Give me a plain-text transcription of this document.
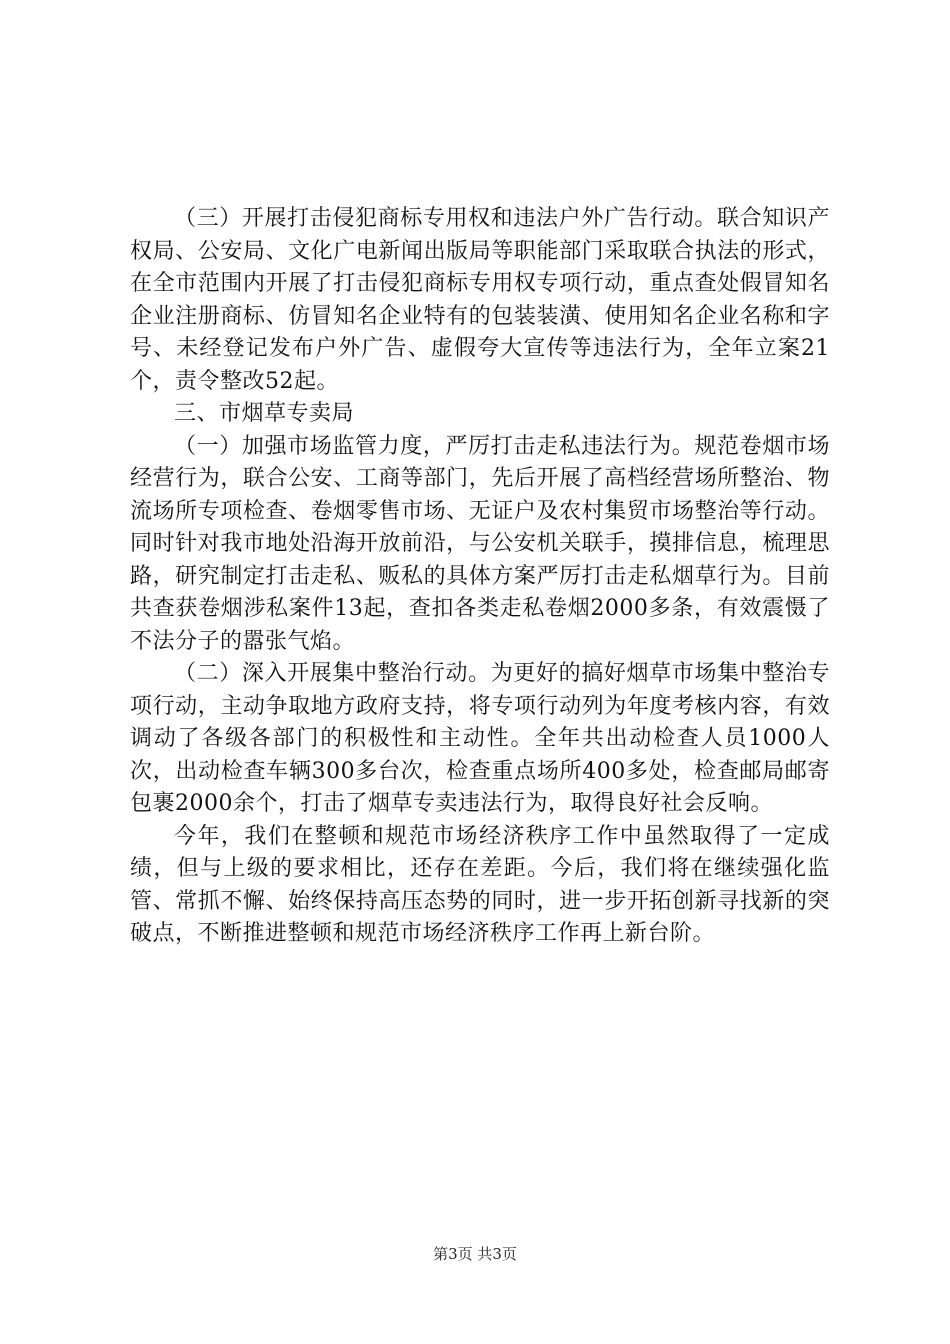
（三）开展打击侵犯商标专用权和违法户外广告行动。联合知识产权局、公安局、文化广电新闻出版局等职能部门采取联合执法的形式，在全市范围内开展了打击侵犯商标专用权专项行动，重点查处假冒知名企业注册商标、仿冒知名企业特有的包装装潢、使用知名企业名称和字号、未经登记发布户外广告、虚假夸大宣传等违法行为，全年立案21个，责令整改52起。

三、市烟草专卖局

（一）加强市场监管力度，严厉打击走私违法行为。规范卷烟市场经营行为，联合公安、工商等部门，先后开展了高档经营场所整治、物流场所专项检查、卷烟零售市场、无证户及农村集贸市场整治等行动。同时针对我市地处沿海开放前沿，与公安机关联手，摸排信息，梳理思路，研究制定打击走私、贩私的具体方案严厉打击走私烟草行为。目前共查获卷烟涉私案件13起，查扣各类走私卷烟2000多条，有效震慑了不法分子的嚣张气焰。

（二）深入开展集中整治行动。为更好的搞好烟草市场集中整治专项行动，主动争取地方政府支持，将专项行动列为年度考核内容，有效调动了各级各部门的积极性和主动性。全年共出动检查人员1000人次，出动检查车辆300多台次，检查重点场所400多处，检查邮局邮寄包裹2000余个，打击了烟草专卖违法行为，取得良好社会反响。

今年，我们在整顿和规范市场经济秩序工作中虽然取得了一定成绩，但与上级的要求相比，还存在差距。今后，我们将在继续强化监管、常抓不懈、始终保持高压态势的同时，进一步开拓创新寻找新的突破点，不断推进整顿和规范市场经济秩序工作再上新台阶。

第3页 共3页
